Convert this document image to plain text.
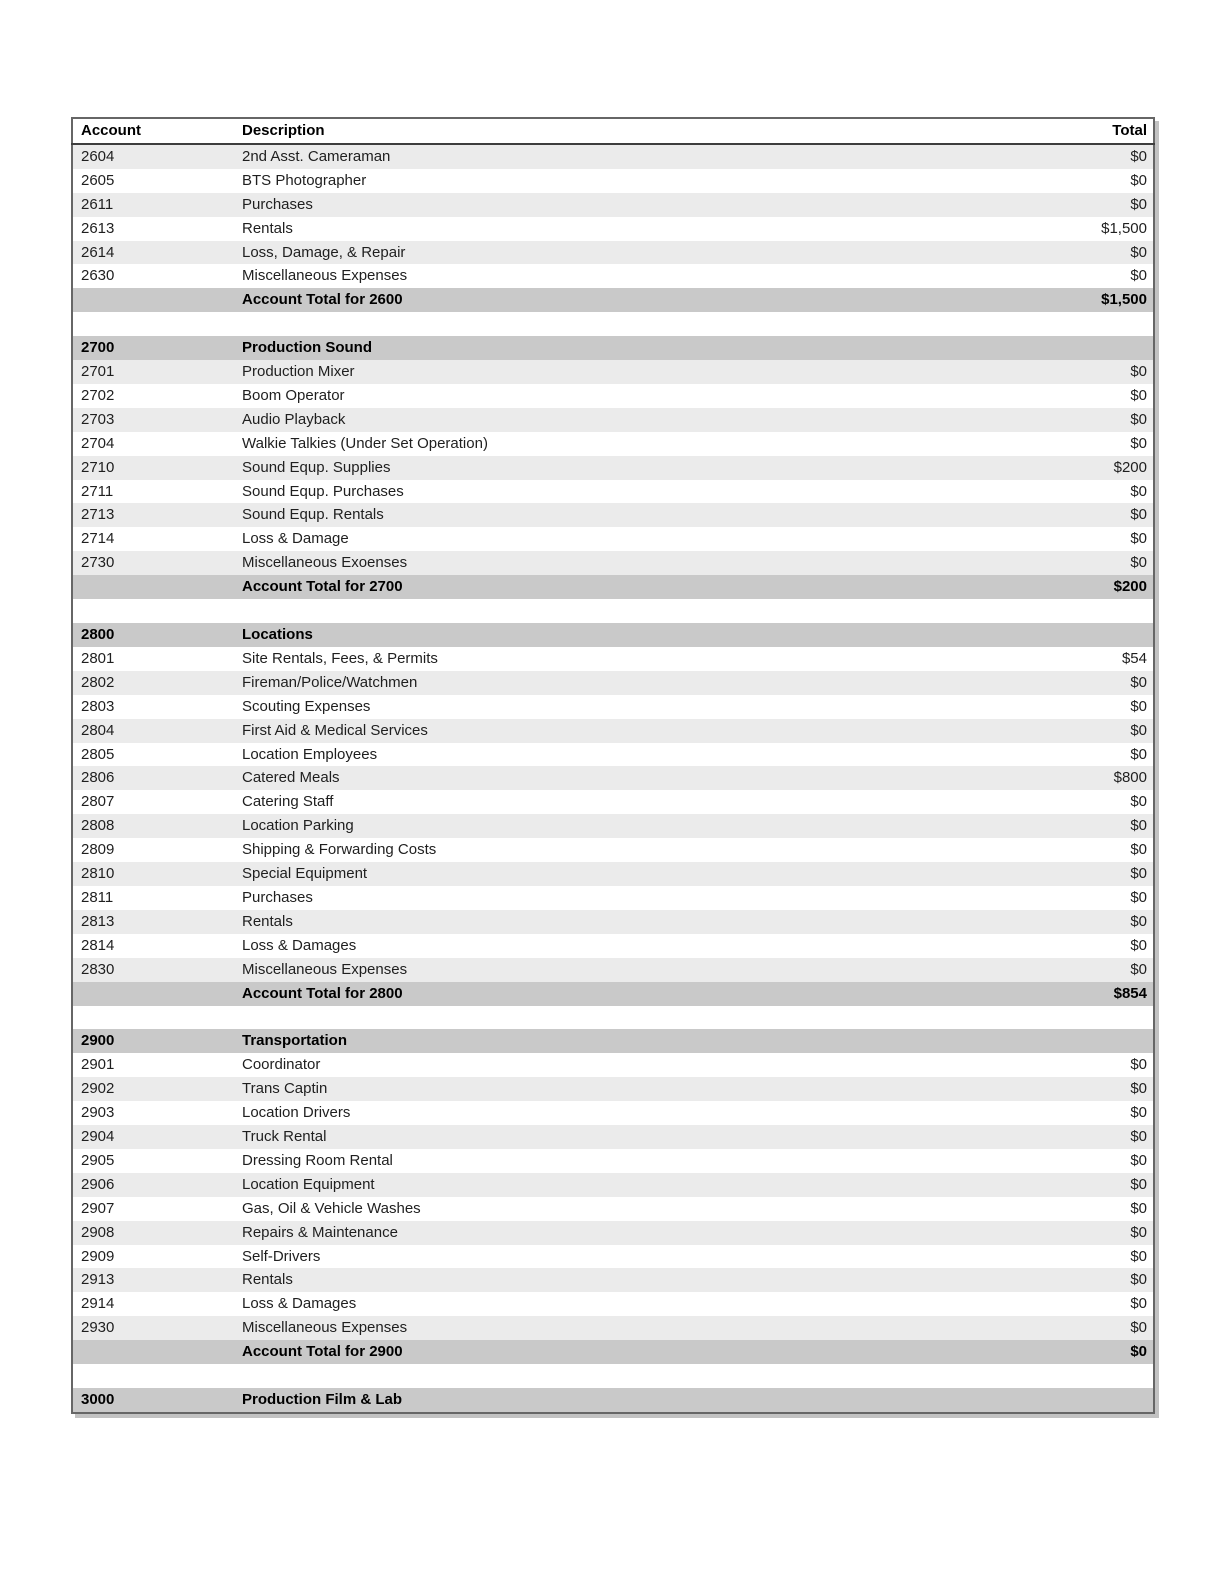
Account	Description	Total
2604	2nd Asst. Cameraman	$0
2605	BTS Photographer	$0
2611	Purchases	$0
2613	Rentals	$1,500
2614	Loss, Damage, & Repair	$0
2630	Miscellaneous Expenses	$0
	Account Total for 2600	$1,500

2700	Production Sound	
2701	Production Mixer	$0
2702	Boom Operator	$0
2703	Audio Playback	$0
2704	Walkie Talkies (Under Set Operation)	$0
2710	Sound Equp. Supplies	$200
2711	Sound Equp. Purchases	$0
2713	Sound Equp. Rentals	$0
2714	Loss & Damage	$0
2730	Miscellaneous Exoenses	$0
	Account Total for 2700	$200

2800	Locations	
2801	Site Rentals, Fees, & Permits	$54
2802	Fireman/Police/Watchmen	$0
2803	Scouting Expenses	$0
2804	First Aid & Medical Services	$0
2805	Location Employees	$0
2806	Catered Meals	$800
2807	Catering Staff	$0
2808	Location Parking	$0
2809	Shipping & Forwarding Costs	$0
2810	Special Equipment	$0
2811	Purchases	$0
2813	Rentals	$0
2814	Loss & Damages	$0
2830	Miscellaneous Expenses	$0
	Account Total for 2800	$854

2900	Transportation	
2901	Coordinator	$0
2902	Trans Captin	$0
2903	Location Drivers	$0
2904	Truck Rental	$0
2905	Dressing Room Rental	$0
2906	Location Equipment	$0
2907	Gas, Oil & Vehicle Washes	$0
2908	Repairs & Maintenance	$0
2909	Self-Drivers	$0
2913	Rentals	$0
2914	Loss & Damages	$0
2930	Miscellaneous Expenses	$0
	Account Total for 2900	$0

3000	Production Film & Lab	
